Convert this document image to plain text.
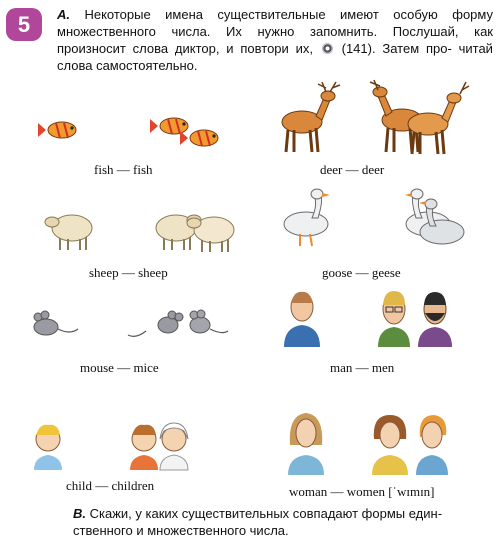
5	A. Некоторые имена существительные имеют особую форму множественного числа. Их нужно запомнить. Послушай, как произносит слова диктор, и повтори их, (141). Затем про- читай слова самостоятельно.
fish — fish	deer — deer
sheep — sheep	goose — geese
mouse — mice	man — men
child — children	woman — women [ˈwɪmɪn]
B. Скажи, у каких существительных совпадают формы един- ственного и множественного числа.
